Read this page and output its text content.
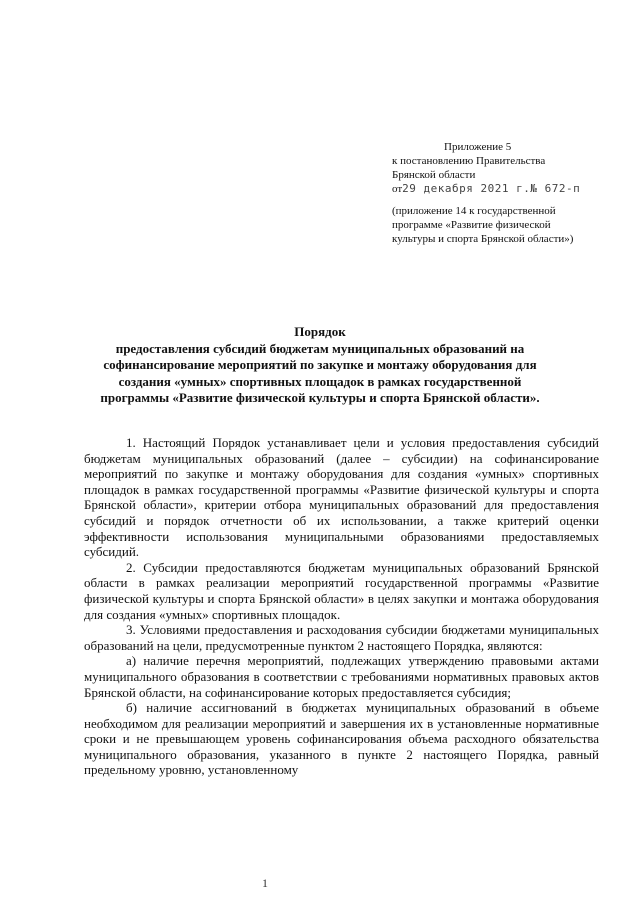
Приложение 5
к постановлению Правительства
Брянской области
от29 декабря 2021 г.№ 672-п
(приложение 14 к государственной
программе «Развитие физической
культуры и спорта Брянской области»)
Порядок
предоставления субсидий бюджетам муниципальных образований на
софинансирование мероприятий по закупке и монтажу оборудования для
создания «умных» спортивных площадок в рамках государственной
программы «Развитие физической культуры и спорта Брянской области».

1. Настоящий Порядок устанавливает цели и условия предоставления субсидий бюджетам муниципальных образований (далее – субсидии) на софинансирование мероприятий по закупке и монтажу оборудования для создания «умных» спортивных площадок в рамках государственной программы «Развитие физической культуры и спорта Брянской области», критерии отбора муниципальных образований для предоставления субсидий и порядок отчетности об их использовании, а также критерий оценки эффективности использования муниципальными образованиями предоставляемых субсидий.

2. Субсидии предоставляются бюджетам муниципальных образований Брянской области в рамках реализации мероприятий государственной программы «Развитие физической культуры и спорта Брянской области» в целях закупки и монтажа оборудования для создания «умных» спортивных площадок.

3. Условиями предоставления и расходования субсидии бюджетами муниципальных образований на цели, предусмотренные пунктом 2 настоящего Порядка, являются:

а) наличие перечня мероприятий, подлежащих утверждению правовыми актами муниципального образования в соответствии с требованиями нормативных правовых актов Брянской области, на софинансирование которых предоставляется субсидия;

б) наличие ассигнований в бюджетах муниципальных образований в объеме необходимом для реализации мероприятий и завершения их в установленные нормативные сроки и не превышающем уровень софинансирования объема расходного обязательства муниципального образования, указанного в пункте 2 настоящего Порядка, равный предельному уровню, установленному

1
